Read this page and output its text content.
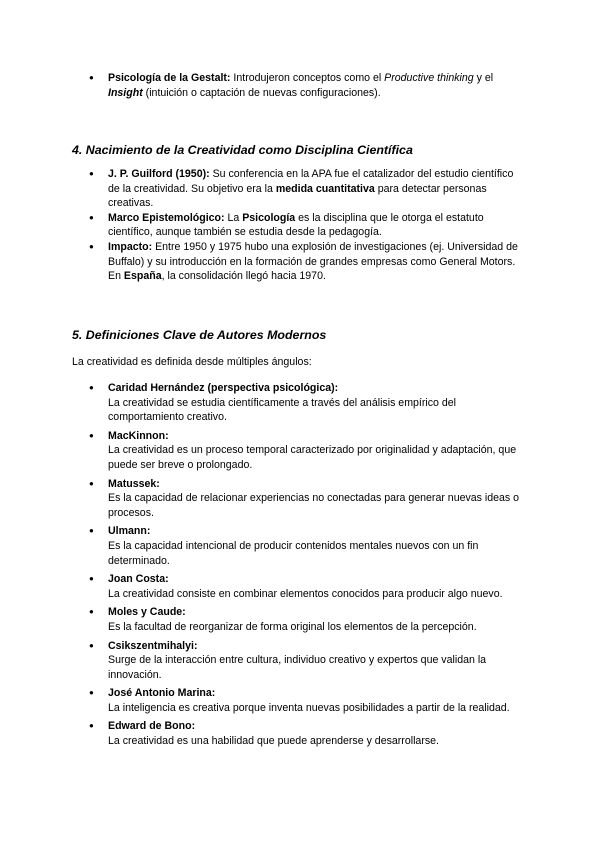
● Psicología de la Gestalt: Introdujeron conceptos como el Productive thinking y el Insight (intuición o captación de nuevas configuraciones).
4. Nacimiento de la Creatividad como Disciplina Científica
● J. P. Guilford (1950): Su conferencia en la APA fue el catalizador del estudio científico de la creatividad. Su objetivo era la medida cuantitativa para detectar personas creativas.
● Marco Epistemológico: La Psicología es la disciplina que le otorga el estatuto científico, aunque también se estudia desde la pedagogía.
● Impacto: Entre 1950 y 1975 hubo una explosión de investigaciones (ej. Universidad de Buffalo) y su introducción en la formación de grandes empresas como General Motors. En España, la consolidación llegó hacia 1970.
5. Definiciones Clave de Autores Modernos

La creatividad es definida desde múltiples ángulos:

● Caridad Hernández (perspectiva psicológica):
La creatividad se estudia científicamente a través del análisis empírico del comportamiento creativo.
● MacKinnon:
La creatividad es un proceso temporal caracterizado por originalidad y adaptación, que puede ser breve o prolongado.
● Matussek:
Es la capacidad de relacionar experiencias no conectadas para generar nuevas ideas o procesos.
● Ulmann:
Es la capacidad intencional de producir contenidos mentales nuevos con un fin determinado.
● Joan Costa:
La creatividad consiste en combinar elementos conocidos para producir algo nuevo.
● Moles y Caude:
Es la facultad de reorganizar de forma original los elementos de la percepción.
● Csikszentmihalyi:
Surge de la interacción entre cultura, individuo creativo y expertos que validan la innovación.
● José Antonio Marina:
La inteligencia es creativa porque inventa nuevas posibilidades a partir de la realidad.
● Edward de Bono:
La creatividad es una habilidad que puede aprenderse y desarrollarse.
